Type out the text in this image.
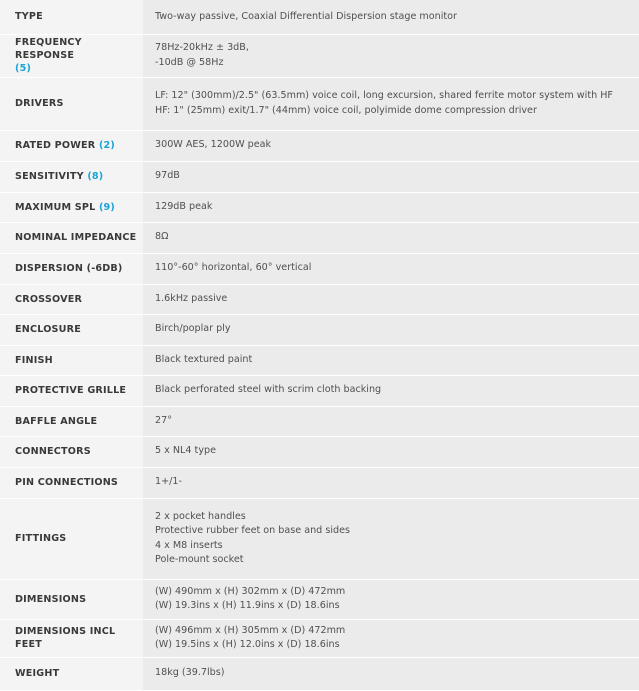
TYPE	Two-way passive, Coaxial Differential Dispersion stage monitor

FREQUENCY RESPONSE
(5)	78Hz-20kHz ± 3dB,
-10dB @ 58Hz

DRIVERS	LF: 12" (300mm)/2.5" (63.5mm) voice coil, long excursion, shared ferrite motor system with HF
HF: 1" (25mm) exit/1.7" (44mm) voice coil, polyimide dome compression driver

RATED POWER (2)	300W AES, 1200W peak

SENSITIVITY (8)	97dB

MAXIMUM SPL (9)	129dB peak

NOMINAL IMPEDANCE	8Ω

DISPERSION (-6DB)	110°-60° horizontal, 60° vertical

CROSSOVER	1.6kHz passive

ENCLOSURE	Birch/poplar ply

FINISH	Black textured paint

PROTECTIVE GRILLE	Black perforated steel with scrim cloth backing

BAFFLE ANGLE	27°

CONNECTORS	5 x NL4 type

PIN CONNECTIONS	1+/1-

FITTINGS	2 x pocket handles
Protective rubber feet on base and sides
4 x M8 inserts
Pole-mount socket

DIMENSIONS	(W) 490mm x (H) 302mm x (D) 472mm
(W) 19.3ins x (H) 11.9ins x (D) 18.6ins

DIMENSIONS INCL FEET	(W) 496mm x (H) 305mm x (D) 472mm
(W) 19.5ins x (H) 12.0ins x (D) 18.6ins

WEIGHT	18kg (39.7lbs)
